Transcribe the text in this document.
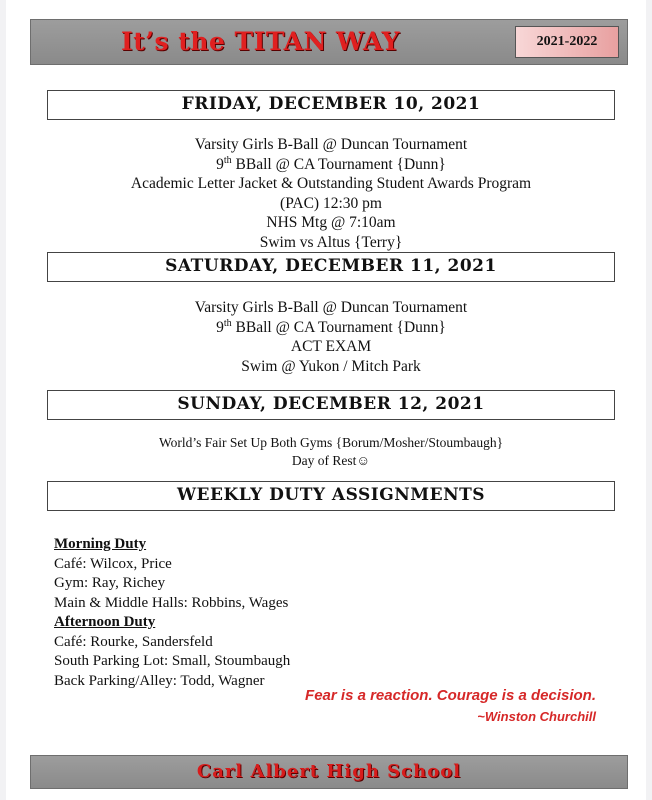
It’s the TITAN WAY	2021-2022
FRIDAY, DECEMBER 10, 2021
Varsity Girls B-Ball @ Duncan Tournament
9th BBall @ CA Tournament {Dunn}
Academic Letter Jacket & Outstanding Student Awards Program
(PAC) 12:30 pm
NHS Mtg @ 7:10am
Swim vs Altus {Terry}
SATURDAY, DECEMBER 11, 2021
Varsity Girls B-Ball @ Duncan Tournament
9th BBall @ CA Tournament {Dunn}
ACT EXAM
Swim @ Yukon / Mitch Park
SUNDAY, DECEMBER 12, 2021
World’s Fair Set Up Both Gyms {Borum/Mosher/Stoumbaugh}
Day of Rest☺
WEEKLY DUTY ASSIGNMENTS
Morning Duty
Café: Wilcox, Price
Gym: Ray, Richey
Main & Middle Halls: Robbins, Wages
Afternoon Duty
Café: Rourke, Sandersfeld
South Parking Lot: Small, Stoumbaugh
Back Parking/Alley: Todd, Wagner
Fear is a reaction. Courage is a decision.
~Winston Churchill
Carl Albert High School
